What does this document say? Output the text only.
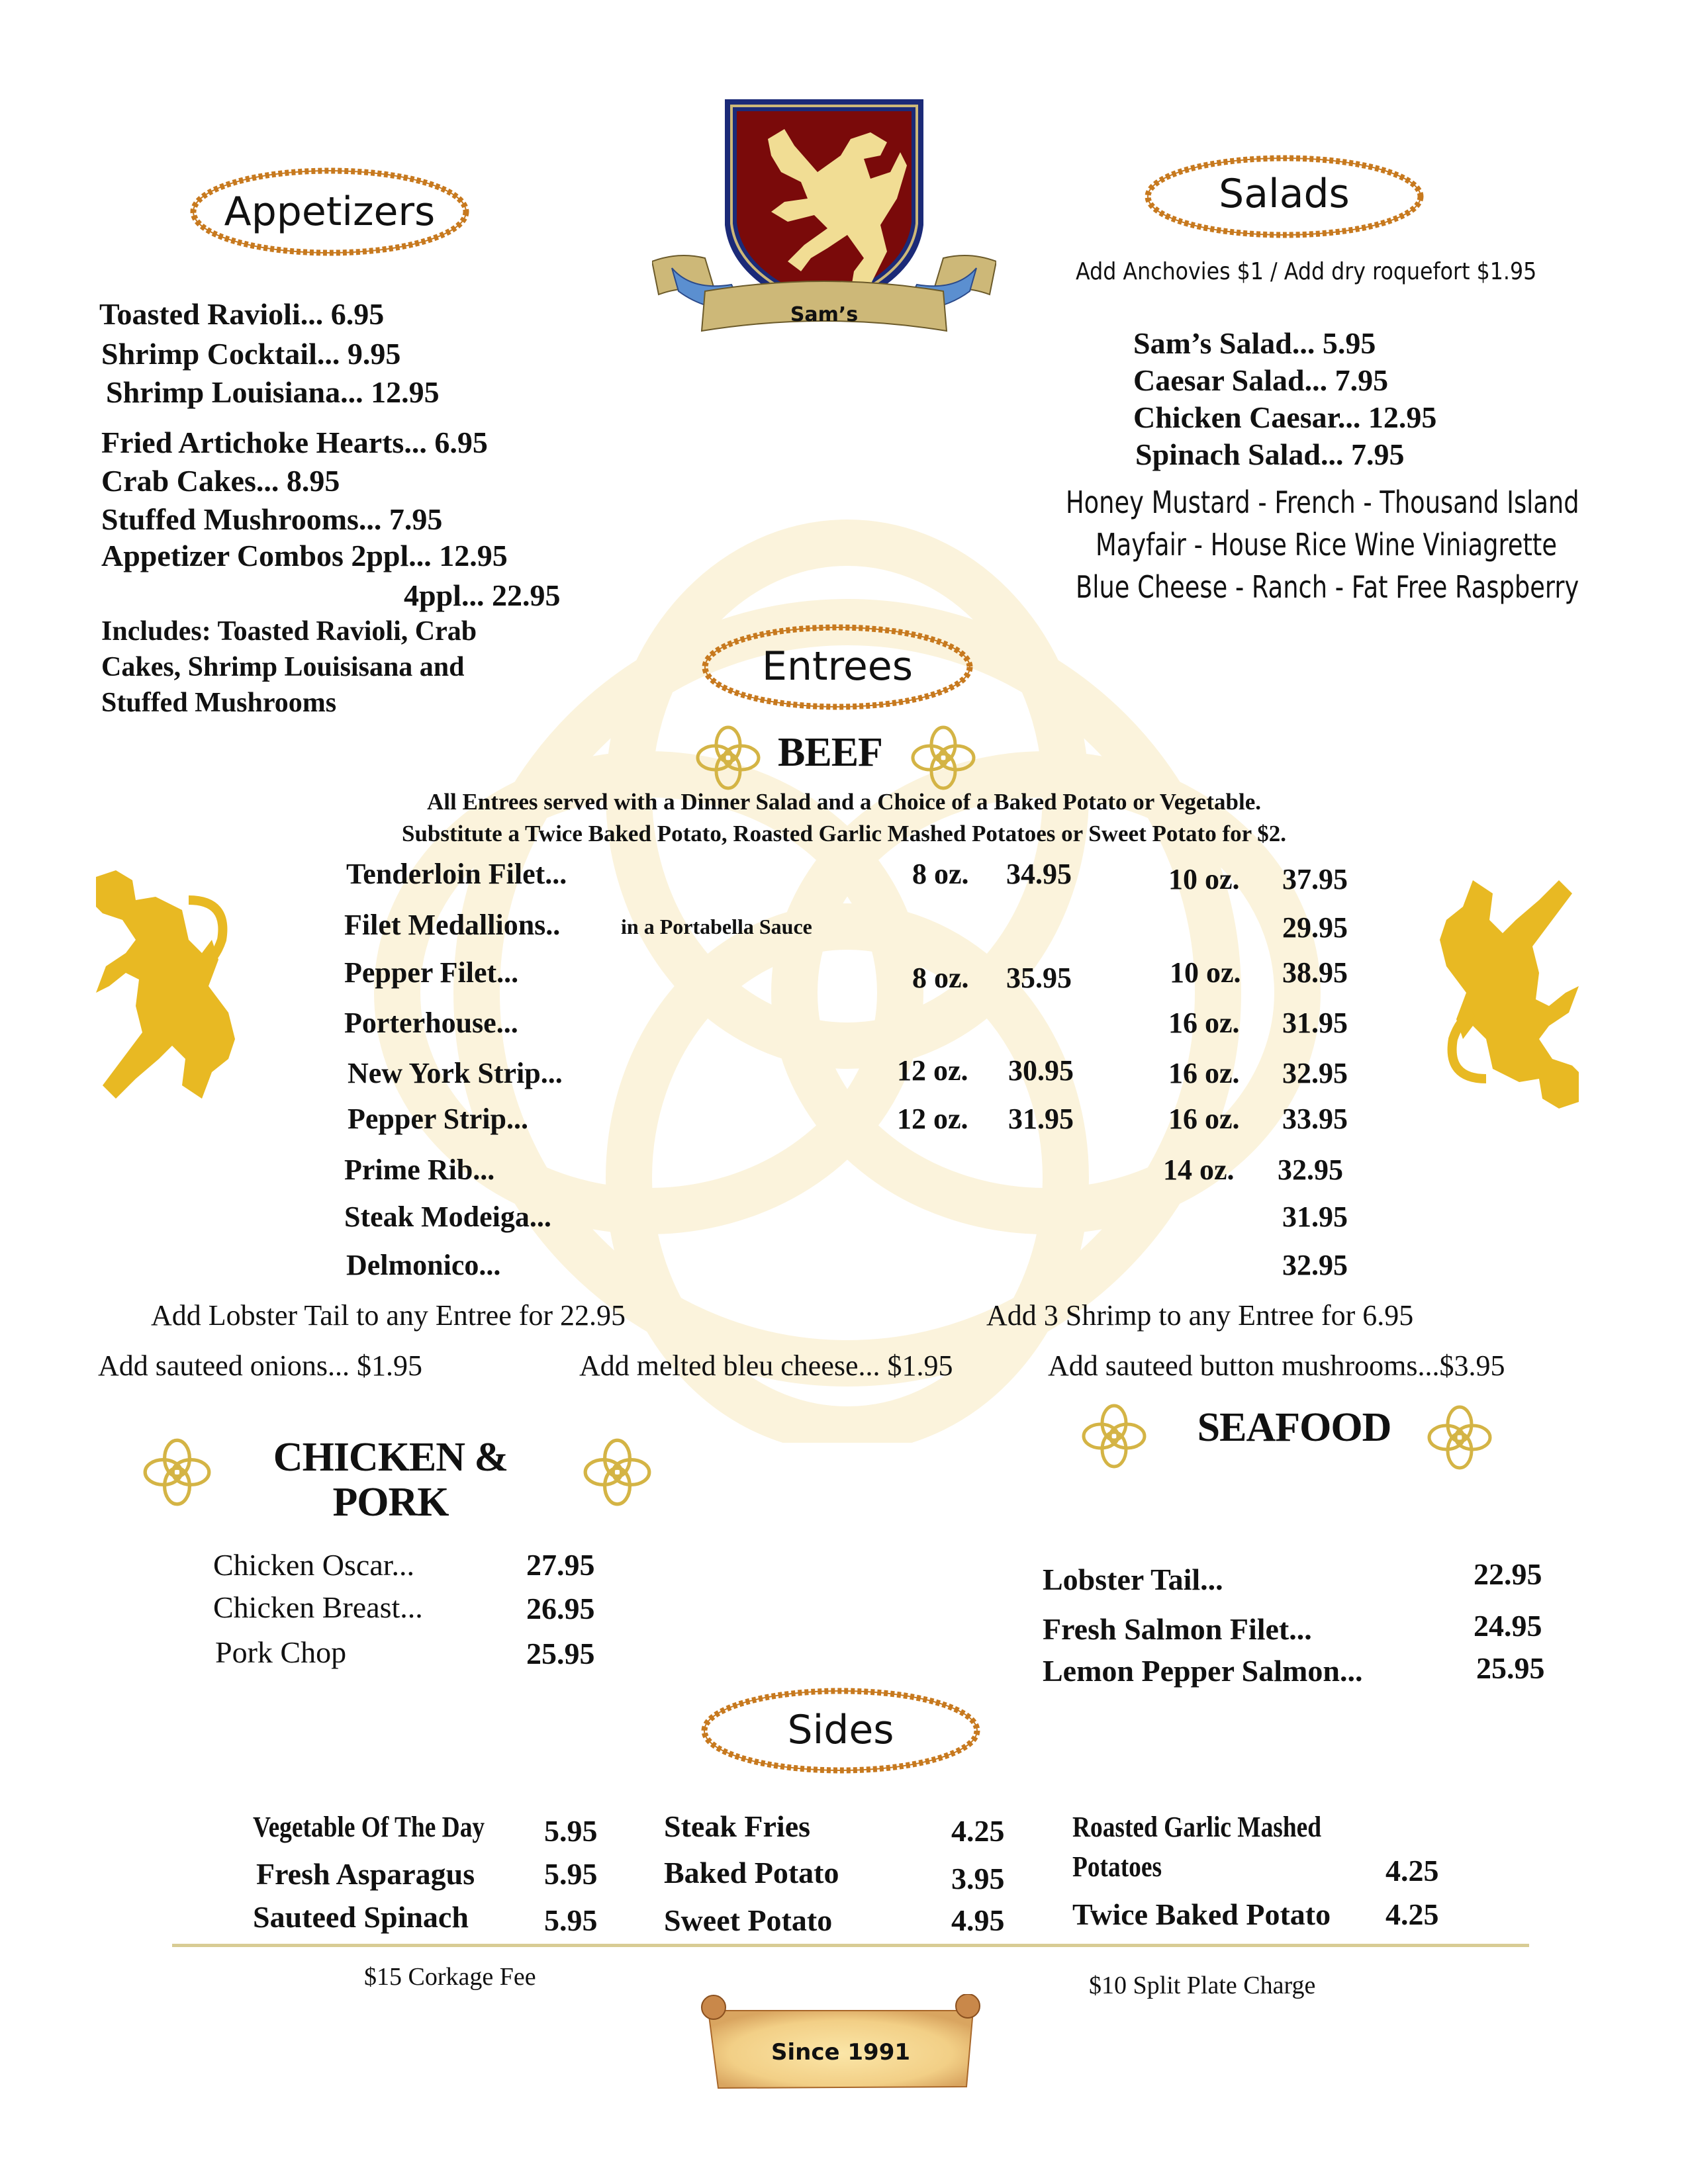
Sam’s
Appetizers
Toasted Ravioli... 6.95
Shrimp Cocktail... 9.95
Shrimp Louisiana... 12.95
Fried Artichoke Hearts... 6.95
Crab Cakes... 8.95
Stuffed Mushrooms... 7.95
Appetizer Combos 2ppl... 12.95
4ppl... 22.95
Includes: Toasted Ravioli, Crab
Cakes, Shrimp Louisisana and
Stuffed Mushrooms
Salads
Add Anchovies $1 / Add dry roquefort $1.95
Sam’s Salad... 5.95
Caesar Salad... 7.95
Chicken Caesar... 12.95
Spinach Salad... 7.95
Honey Mustard - French - Thousand Island
Mayfair - House Rice Wine Viniagrette
Blue Cheese - Ranch - Fat Free Raspberry
Entrees
BEEF
All Entrees served with a Dinner Salad and a Choice of a Baked Potato or Vegetable.
Substitute a Twice Baked Potato, Roasted Garlic Mashed Potatoes or Sweet Potato for $2.
Tenderloin Filet...	8 oz. 34.95	10 oz. 37.95
Filet Medallions..	in a Portabella Sauce	29.95
Pepper Filet...	8 oz. 35.95	10 oz. 38.95
Porterhouse...	16 oz. 31.95
New York Strip...	12 oz. 30.95	16 oz. 32.95
Pepper Strip...	12 oz. 31.95	16 oz. 33.95
Prime Rib...	14 oz. 32.95
Steak Modeiga...	31.95
Delmonico...	32.95
Add Lobster Tail to any Entree for 22.95	Add 3 Shrimp to any Entree for 6.95
Add sauteed onions... $1.95	Add melted bleu cheese... $1.95	Add sauteed button mushrooms...$3.95
CHICKEN &
PORK
Chicken Oscar...	27.95
Chicken Breast...	26.95
Pork Chop	25.95
SEAFOOD
Lobster Tail...	22.95
Fresh Salmon Filet...	24.95
Lemon Pepper Salmon...	25.95
Sides
Vegetable Of The Day 5.95
Fresh Asparagus 5.95
Sauteed Spinach 5.95
Steak Fries	4.25
Baked Potato	3.95
Sweet Potato	4.95
Roasted Garlic Mashed
Potatoes	4.25
Twice Baked Potato 4.25
$15 Corkage Fee	$10 Split Plate Charge
Since 1991
